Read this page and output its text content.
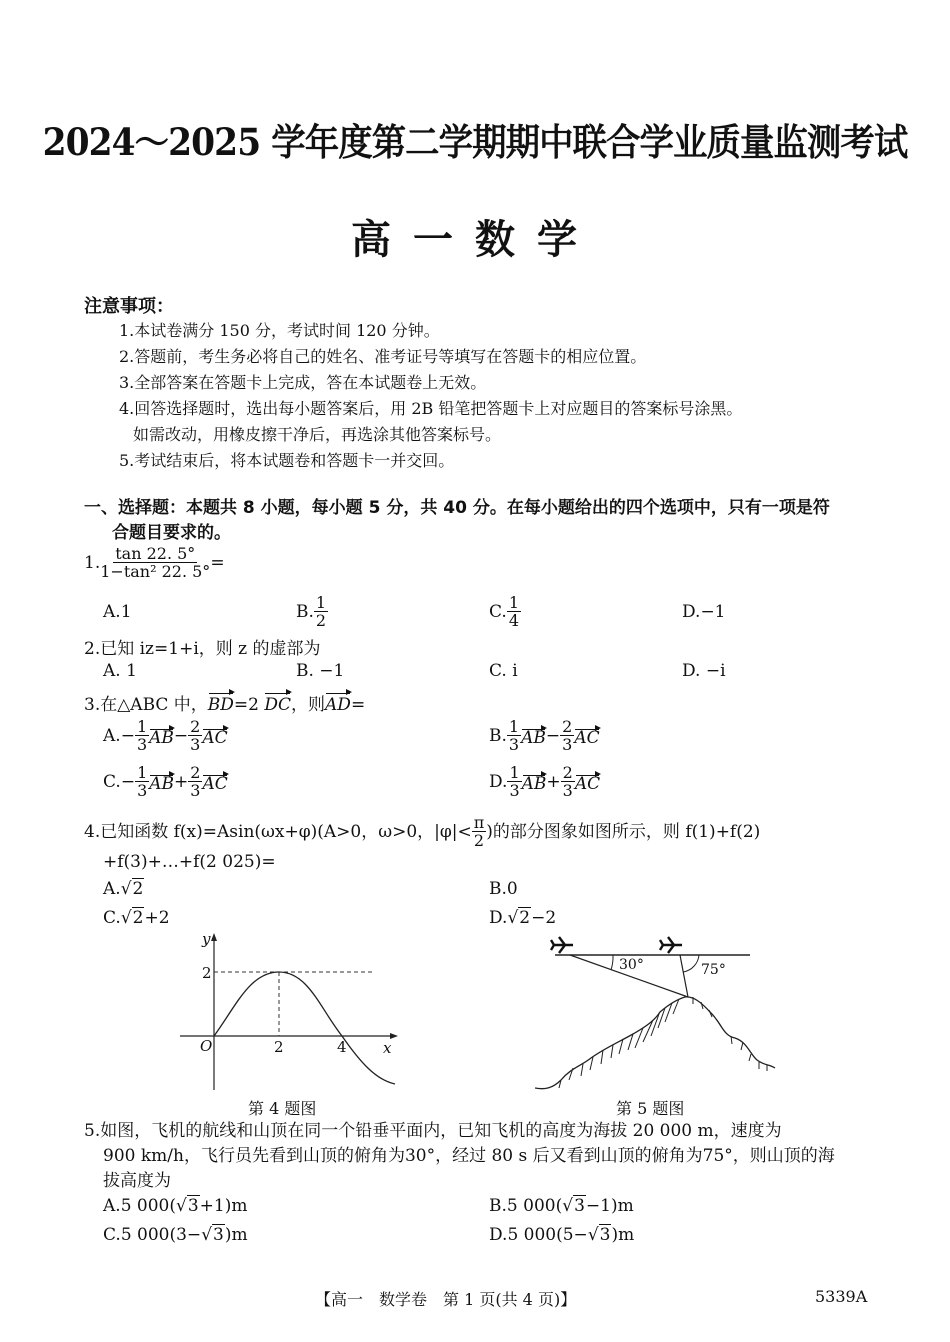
2024～2025 学年度第二学期期中联合学业质量监测考试
高一数学
注意事项：
1.本试卷满分 150 分，考试时间 120 分钟。
2.答题前，考生务必将自己的姓名、准考证号等填写在答题卡的相应位置。
3.全部答案在答题卡上完成，答在本试题卷上无效。
4.回答选择题时，选出每小题答案后，用 2B 铅笔把答题卡上对应题目的答案标号涂黑。
如需改动，用橡皮擦干净后，再选涂其他答案标号。
5.考试结束后，将本试题卷和答题卡一并交回。
一、选择题：本题共 8 小题，每小题 5 分，共 40 分。在每小题给出的四个选项中，只有一项是符
合题目要求的。
1. $\frac{\tan 22. 5^\circ}{\text{1−tan² 22. 5°}}$ =
A.1	B. $\frac{1}{2}$	C. $\frac{1}{4}$	D.−1
2.已知 iz=1+i，则 z 的虚部为
A. 1	B. −1	C. i	D. −i
3.在△ABC 中，BD=2 DC，则AD=
A. − $\frac{1}{3}$ AB − $\frac{2}{3}$ AC	B. $\frac{1}{3}$ AB − $\frac{2}{3}$ AC
C. − $\frac{1}{3}$ AB + $\frac{2}{3}$ AC	D. $\frac{1}{3}$ AB + $\frac{2}{3}$ AC
4.已知函数 f(x)=Asin(ωx+φ)(A>0，ω>0，$|\varphi|< \frac{\pi}{2}$ )的部分图象如图所示，则 f(1)+f(2)
+f(3)+…+f(2 025)=
A.√2	B.0
C.√2+2	D.√2−2
y
2
O	2	4 x
第 4 题图
30°	75°
第 5 题图
5.如图，飞机的航线和山顶在同一个铅垂平面内，已知飞机的高度为海拔 20 000 m，速度为
900 km/h，飞行员先看到山顶的俯角为30°，经过 80 s 后又看到山顶的俯角为75°，则山顶的海
拔高度为
A.5 000(√3+1)m	B.5 000(√3−1)m
C.5 000(3−√3)m	D.5 000(5−√3)m
【高一　数学卷　第 1 页(共 4 页)】	5339A
